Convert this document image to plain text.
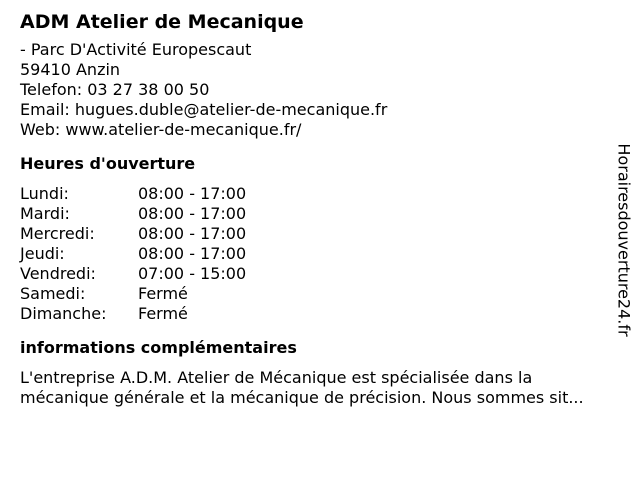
ADM Atelier de Mecanique
- Parc D'Activité Europescaut
59410 Anzin
Telefon: 03 27 38 00 50
Email: hugues.duble@atelier-de-mecanique.fr
Web: www.atelier-de-mecanique.fr/
Heures d'ouverture
Lundi:	08:00 - 17:00
Mardi:	08:00 - 17:00
Mercredi:	08:00 - 17:00
Jeudi:	08:00 - 17:00
Vendredi:	07:00 - 15:00
Samedi:	Fermé
Dimanche:	Fermé
informations complémentaires
L'entreprise A.D.M. Atelier de Mécanique est spécialisée dans la
mécanique générale et la mécanique de précision. Nous sommes sit...
Horairesdouverture24.fr
